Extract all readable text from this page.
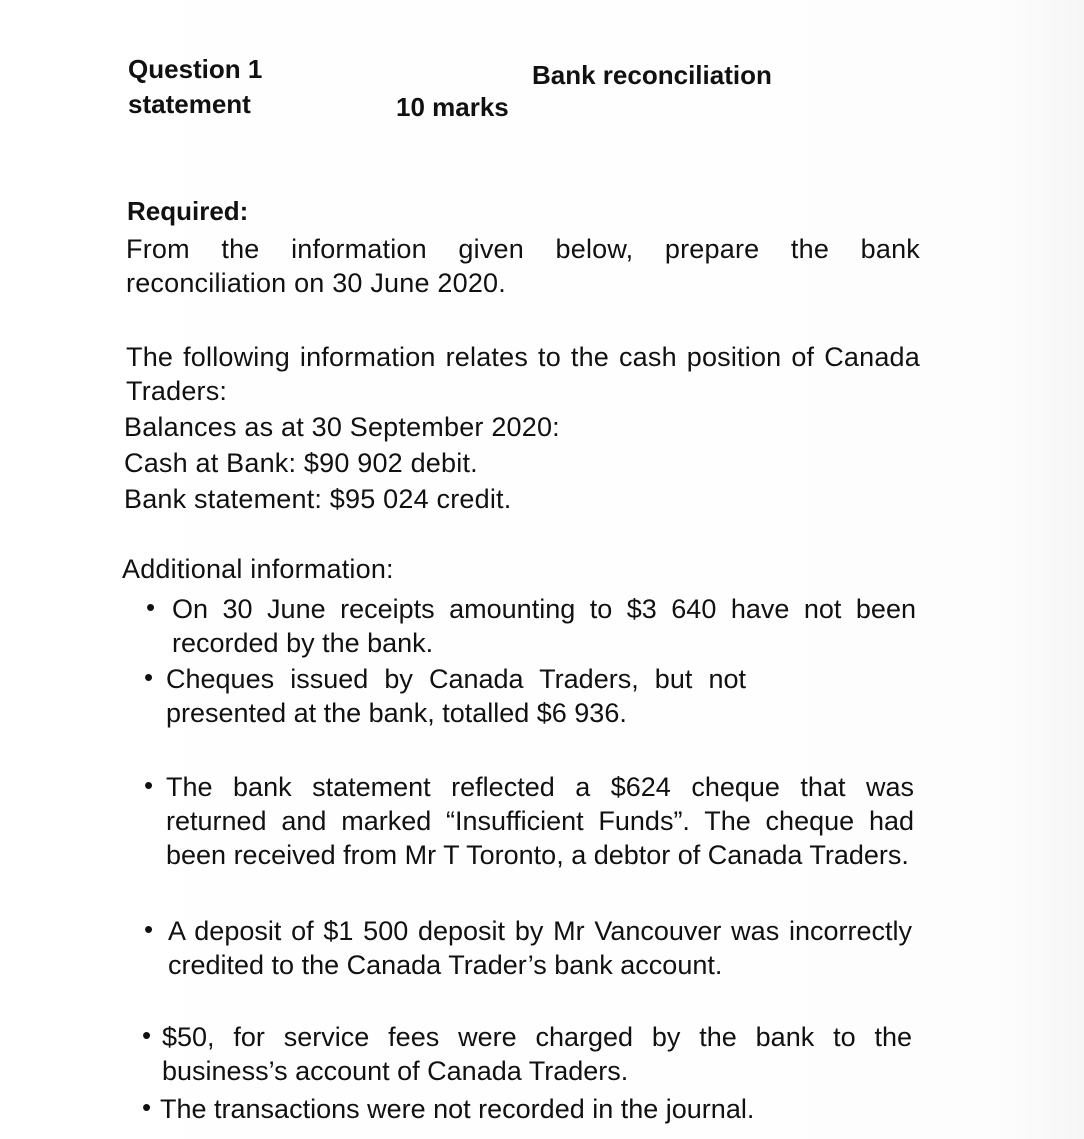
Question 1
statement
Bank reconciliation
10 marks
Required:
From the information given below, prepare the bank reconciliation on 30 June 2020.
The following information relates to the cash position of Canada Traders:
Balances as at 30 September 2020:
Cash at Bank: $90 902 debit.
Bank statement: $95 024 credit.
Additional information:
• On 30 June receipts amounting to $3 640 have not been recorded by the bank.
• Cheques issued by Canada Traders, but not presented at the bank, totalled $6 936.
• The bank statement reflected a $624 cheque that was returned and marked “Insufficient Funds”. The cheque had been received from Mr T Toronto, a debtor of Canada Traders.
• A deposit of $1 500 deposit by Mr Vancouver was incorrectly credited to the Canada Trader’s bank account.
• $50, for service fees were charged by the bank to the business’s account of Canada Traders.
• The transactions were not recorded in the journal.
